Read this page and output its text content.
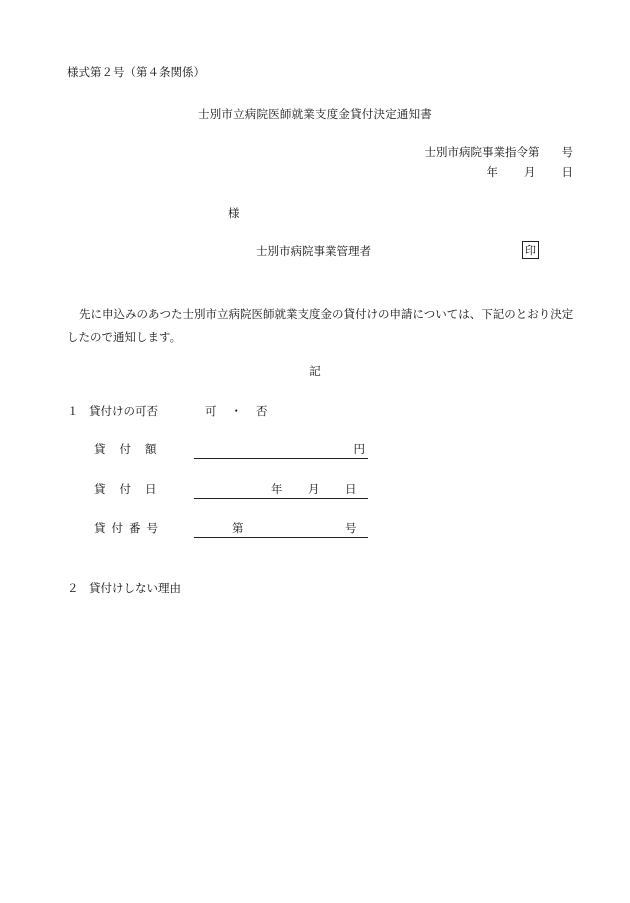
様式第２号（第４条関係）
士別市立病院医師就業支度金貸付決定通知書
士別市病院事業指令第 号
年 月 日
様
士別市病院事業管理者	印
先に申込みのあつた士別市立病院医師就業支度金の貸付けの申請については、下記のとおり決定したので通知します。
記
１ 貸付けの可否	可 ・ 否
貸付額	円
貸付日	年 月 日
貸付番号	第	号
２ 貸付けしない理由
